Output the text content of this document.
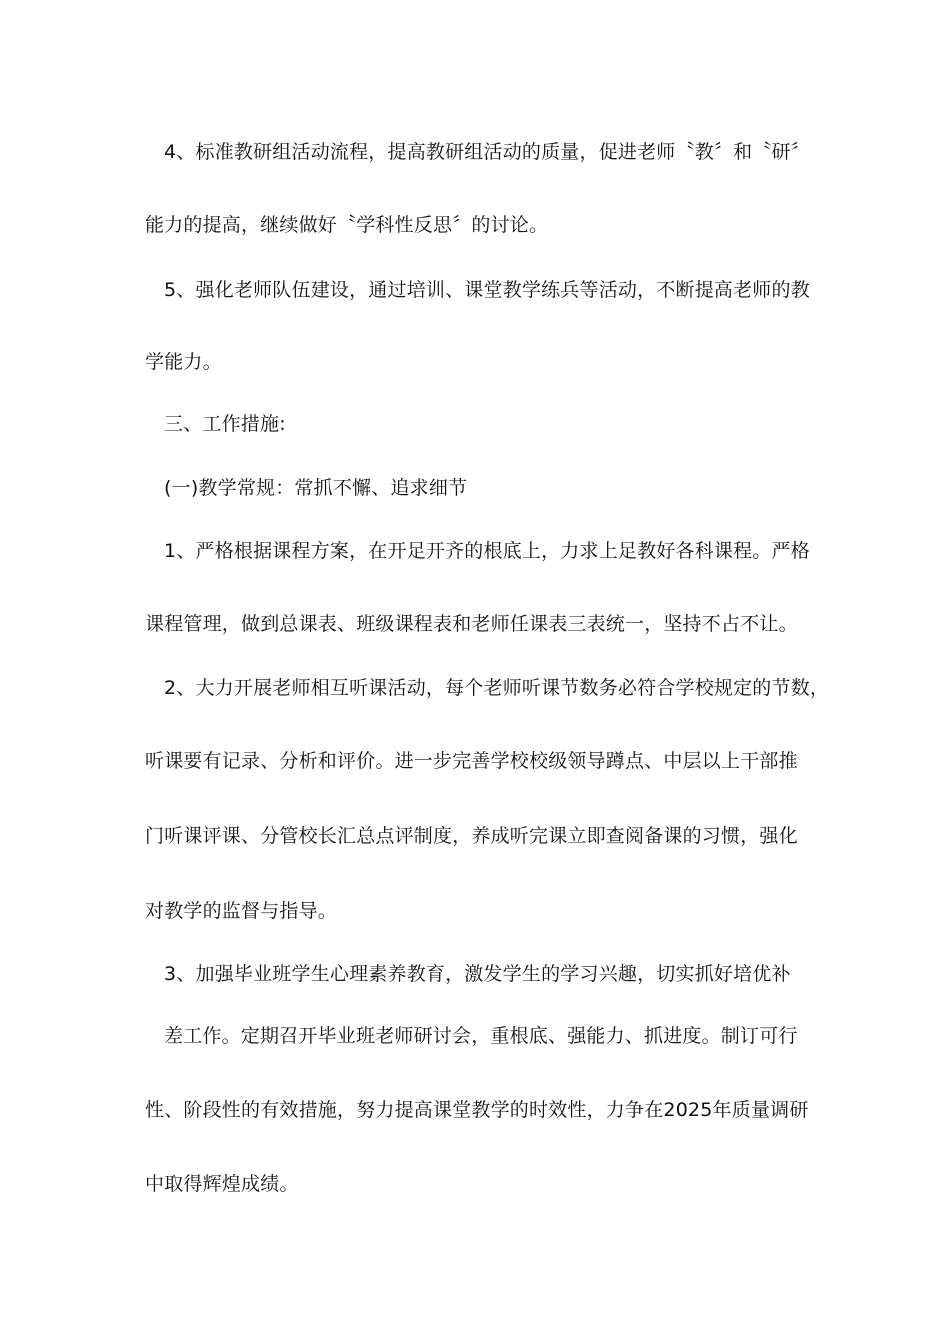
4、标准教研组活动流程，提高教研组活动的质量，促进老师〝教〞和〝研〞
能力的提高，继续做好〝学科性反思〞的讨论。
5、强化老师队伍建设，通过培训、课堂教学练兵等活动，不断提高老师的教
学能力。
三、工作措施:
(一)教学常规：常抓不懈、追求细节
1、严格根据课程方案，在开足开齐的根底上，力求上足教好各科课程。严格
课程管理，做到总课表、班级课程表和老师任课表三表统一，坚持不占不让。
2、大力开展老师相互听课活动，每个老师听课节数务必符合学校规定的节数，
听课要有记录、分析和评价。进一步完善学校校级领导蹲点、中层以上干部推
门听课评课、分管校长汇总点评制度，养成听完课立即查阅备课的习惯，强化
对教学的监督与指导。
3、加强毕业班学生心理素养教育，激发学生的学习兴趣，切实抓好培优补
差工作。定期召开毕业班老师研讨会，重根底、强能力、抓进度。制订可行
性、阶段性的有效措施，努力提高课堂教学的时效性，力争在2025年质量调研
中取得辉煌成绩。
